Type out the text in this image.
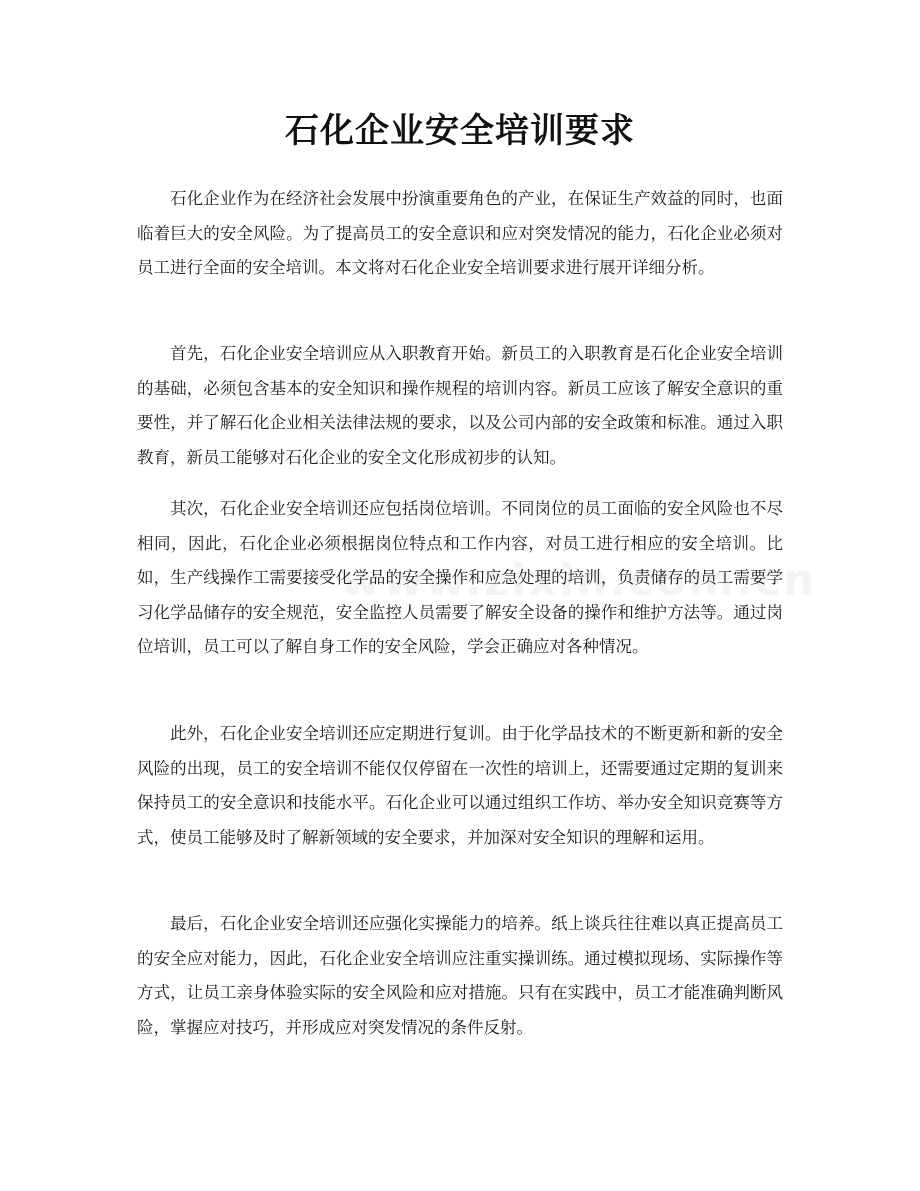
石化企业安全培训要求

石化企业作为在经济社会发展中扮演重要角色的产业，在保证生产效益的同时，也面临着巨大的安全风险。为了提高员工的安全意识和应对突发情况的能力，石化企业必须对员工进行全面的安全培训。本文将对石化企业安全培训要求进行展开详细分析。

首先，石化企业安全培训应从入职教育开始。新员工的入职教育是石化企业安全培训的基础，必须包含基本的安全知识和操作规程的培训内容。新员工应该了解安全意识的重要性，并了解石化企业相关法律法规的要求，以及公司内部的安全政策和标准。通过入职教育，新员工能够对石化企业的安全文化形成初步的认知。

其次，石化企业安全培训还应包括岗位培训。不同岗位的员工面临的安全风险也不尽相同，因此，石化企业必须根据岗位特点和工作内容，对员工进行相应的安全培训。比如，生产线操作工需要接受化学品的安全操作和应急处理的培训，负责储存的员工需要学习化学品储存的安全规范，安全监控人员需要了解安全设备的操作和维护方法等。通过岗位培训，员工可以了解自身工作的安全风险，学会正确应对各种情况。

此外，石化企业安全培训还应定期进行复训。由于化学品技术的不断更新和新的安全风险的出现，员工的安全培训不能仅仅停留在一次性的培训上，还需要通过定期的复训来保持员工的安全意识和技能水平。石化企业可以通过组织工作坊、举办安全知识竞赛等方式，使员工能够及时了解新领域的安全要求，并加深对安全知识的理解和运用。

最后，石化企业安全培训还应强化实操能力的培养。纸上谈兵往往难以真正提高员工的安全应对能力，因此，石化企业安全培训应注重实操训练。通过模拟现场、实际操作等方式，让员工亲身体验实际的安全风险和应对措施。只有在实践中，员工才能准确判断风险，掌握应对技巧，并形成应对突发情况的条件反射。
